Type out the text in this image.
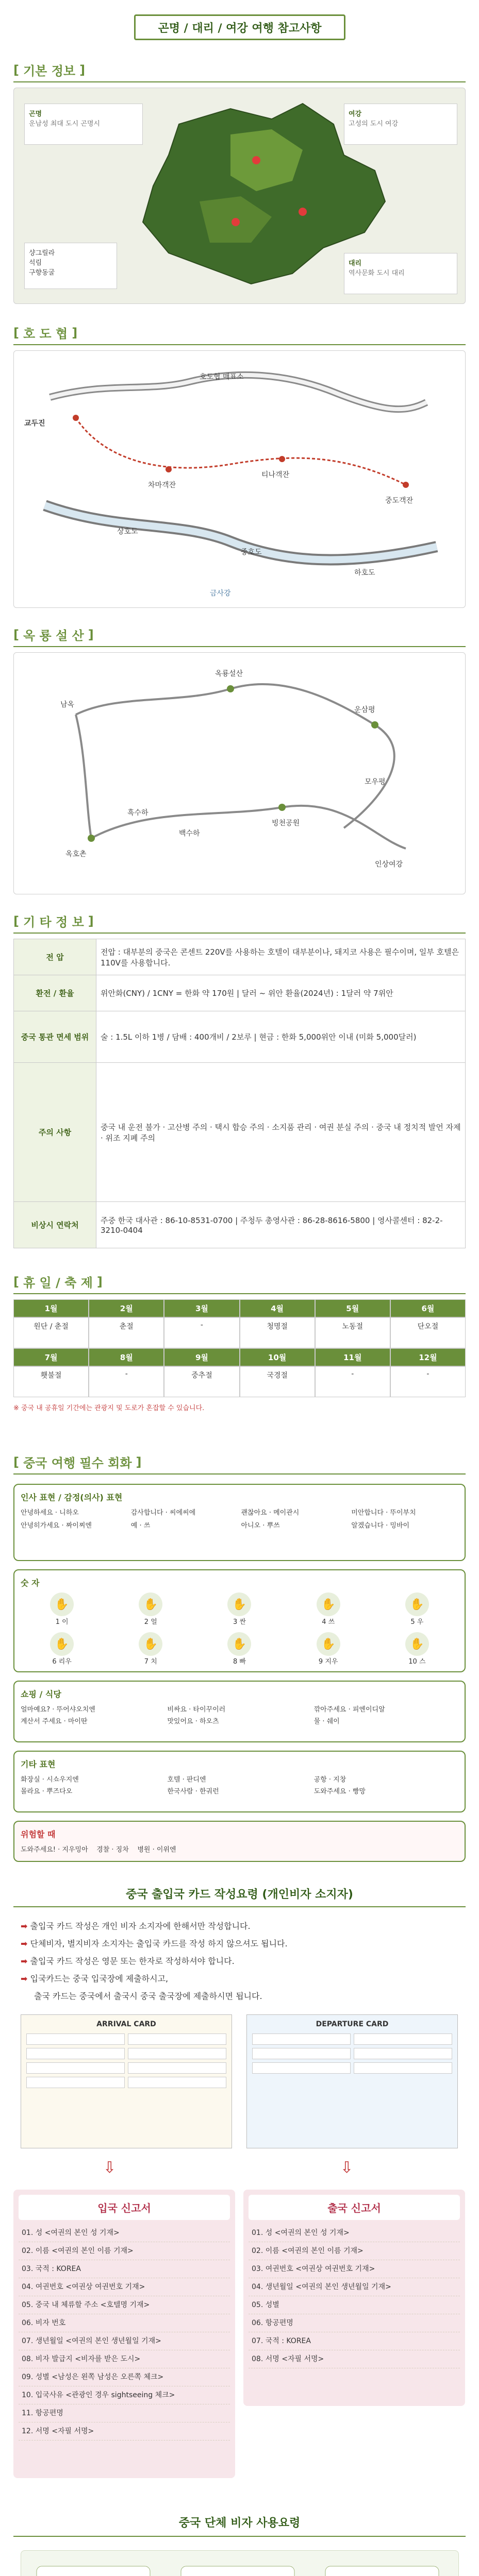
곤명 / 대리 / 여강 여행 참고사항
[ 기본 정보 ]
곤명
운남성 최대 도시 곤명시
여강
고성의 도시 여강
대리
역사문화 도시 대리
샹그릴라
석림
구향동굴
[ 호 도 협 ]
교두진
차마객잔
티나객잔
중도객잔
상호도
중호도
하호도
호도협 매표소
금사강
[ 옥 룡 설 산 ]
옥룡설산
운삼평
모우평
빙천공원
백수하
흑수하
옥호촌
남옥
인상여강
[ 기 타 정 보 ]
전 압	전압 : 대부분의 중국은 콘센트 220V를 사용하는 호텔이 대부분이나, 돼지코 사용은 필수이며, 일부 호텔은 110V를 사용합니다.
환전 / 환율	위안화(CNY) / 1CNY = 한화 약 170원 | 달러 ~ 위안 환율(2024년) : 1달러 약 7위안
중국 통관 면세 범위	술 : 1.5L 이하 1병 / 담배 : 400개비 / 2보루 | 현금 : 한화 5,000위안 이내 (미화 5,000달러)
주의 사항	중국 내 운전 불가 · 고산병 주의 · 택시 합승 주의 · 소지품 관리 · 여권 분실 주의 · 중국 내 정치적 발언 자제 · 위조 지폐 주의
비상시 연락처	주중 한국 대사관 : 86-10-8531-0700 | 주청두 총영사관 : 86-28-8616-5800 | 영사콜센터 : 82-2-3210-0404
[ 휴 일 / 축 제 ]
1월	2월	3월	4월	5월	6월
원단 / 춘절	춘절	-	청명절	노동절	단오절
7월	8월	9월	10월	11월	12월
횃불절	-	중추절	국경절	-	-
※ 중국 내 공휴일 기간에는 관광지 및 도로가 혼잡할 수 있습니다.
[ 중국 여행 필수 회화 ]
인사 표현 / 감정(의사) 표현
안녕하세요 · 니하오	감사합니다 · 씨에씨에	괜찮아요 · 메이관시	미안합니다 · 뚜이부치
안녕히가세요 · 짜이찌엔	예 · 쓰	아니오 · 뿌쓰	알겠습니다 · 밍바이
숫 자
✋
1 이
✋
2 얼
✋
3 싼
✋
4 쓰
✋
5 우
✋
6 리우
✋
7 치
✋
8 빠
✋
9 지우
✋
10 스
쇼핑 / 식당
얼마예요? · 뚜어샤오치엔	비싸요 · 타이꾸이러	깎아주세요 · 피엔이디알
계산서 주세요 · 마이딴	맛있어요 · 하오츠	물 · 쉐이
기타 표현
화장실 · 시쇼우지엔	호텔 · 판디엔	공항 · 지창
몰라요 · 뿌즈다오	한국사람 · 한궈런	도와주세요 · 빵망
위험할 때
도와주세요! · 지우밍아    경찰 · 징차    병원 · 이위엔
중국 출입국 카드 작성요령 (개인비자 소지자)
➡ 출입국 카드 작성은 개인 비자 소지자에 한해서만 작성합니다.
➡ 단체비자, 별지비자 소지자는 출입국 카드를 작성 하지 않으셔도 됩니다.
➡ 출입국 카드 작성은 영문 또는 한자로 작성하셔야 합니다.
➡ 입국카드는 중국 입국장에 제출하시고,
출국 카드는 중국에서 출국시 중국 출국장에 제출하시면 됩니다.
ARRIVAL CARD	DEPARTURE CARD
⇩	⇩
입국 신고서
01. 성 <여권의 본인 성 기재>
02. 이름 <여권의 본인 이름 기재>
03. 국적 : KOREA
04. 여권번호 <여권상 여권번호 기재>
05. 중국 내 체류할 주소 <호텔명 기재>
06. 비자 번호
07. 생년월일 <여권의 본인 생년월일 기재>
08. 비자 발급지 <비자를 받은 도시>
09. 성별 <남성은 왼쪽 남성은 오른쪽 체크>
10. 입국사유 <관광인 경우 sightseeing 체크>
11. 항공편명
12. 서명 <자필 서명>
출국 신고서
01. 성 <여권의 본인 성 기재>
02. 이름 <여권의 본인 이름 기재>
03. 여권번호 <여권상 여권번호 기재>
04. 생년월일 <여권의 본인 생년월일 기재>
05. 성별
06. 항공편명
07. 국적 : KOREA
08. 서명 <자필 서명>
중국 단체 비자 사용요령
